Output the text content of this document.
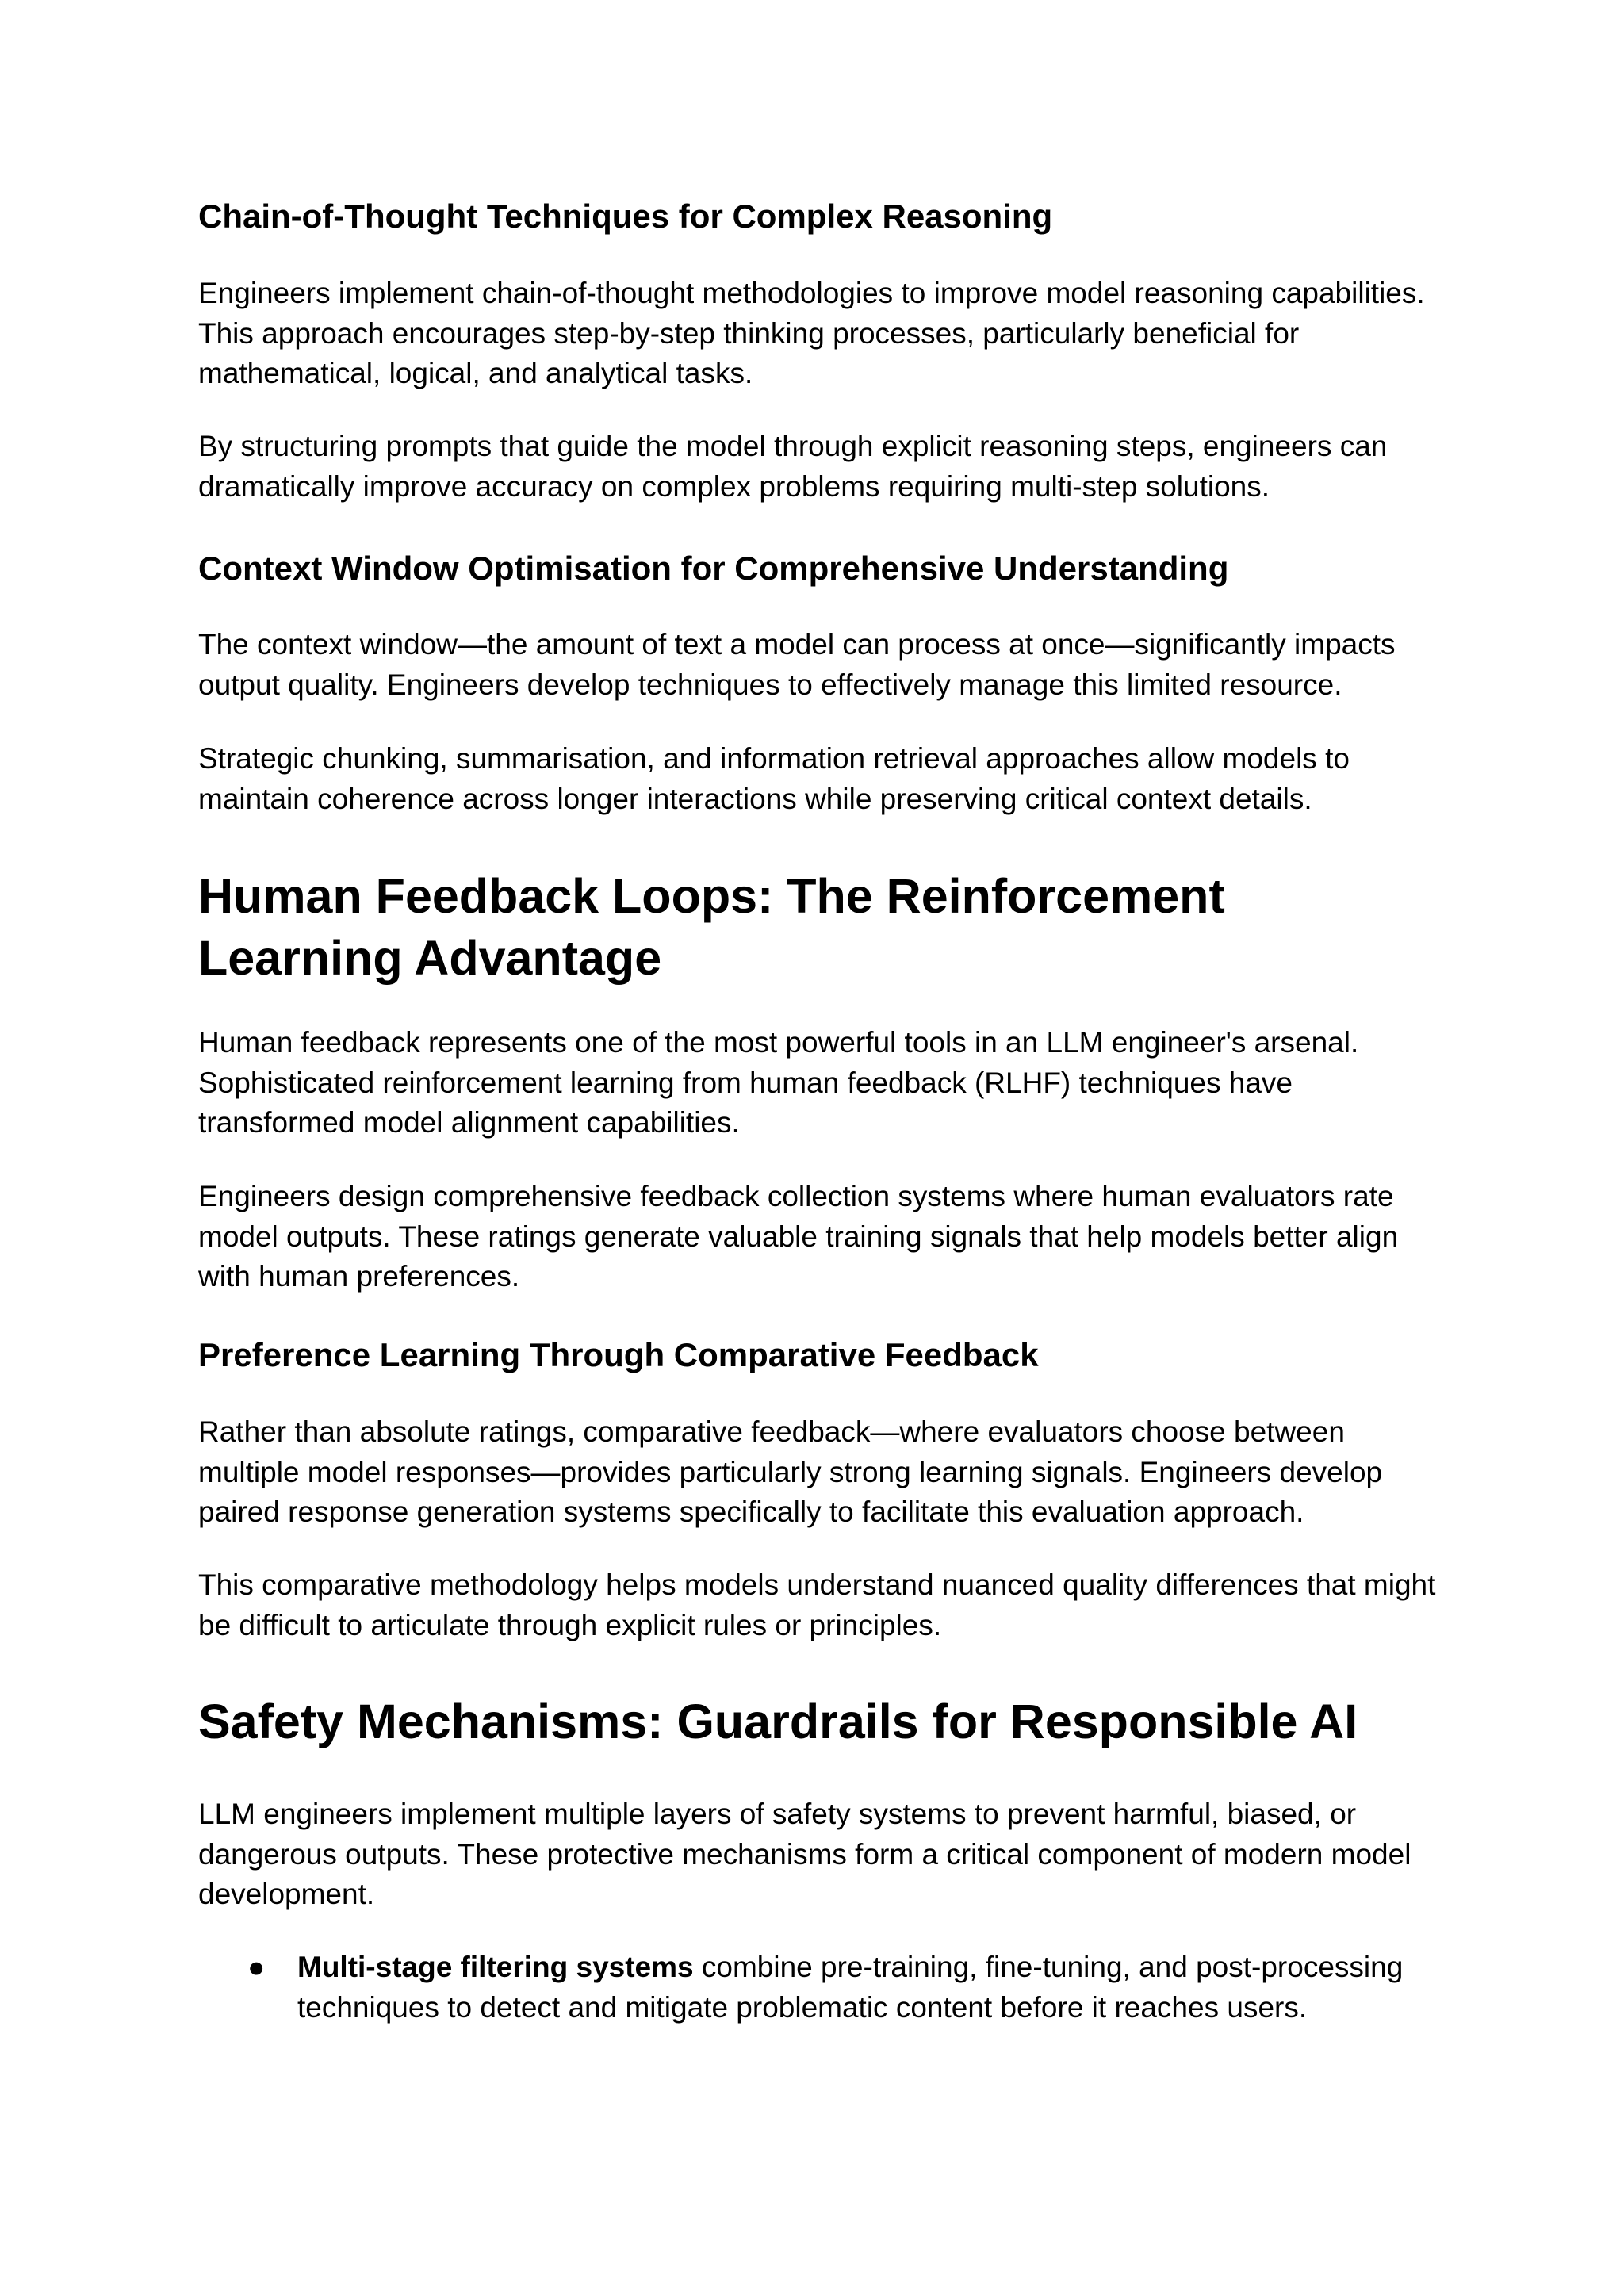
Chain-of-Thought Techniques for Complex Reasoning

Engineers implement chain-of-thought methodologies to improve model reasoning capabilities. This approach encourages step-by-step thinking processes, particularly beneficial for mathematical, logical, and analytical tasks.

By structuring prompts that guide the model through explicit reasoning steps, engineers can dramatically improve accuracy on complex problems requiring multi-step solutions.

Context Window Optimisation for Comprehensive Understanding

The context window—the amount of text a model can process at once—significantly impacts output quality. Engineers develop techniques to effectively manage this limited resource.

Strategic chunking, summarisation, and information retrieval approaches allow models to maintain coherence across longer interactions while preserving critical context details.

Human Feedback Loops: The Reinforcement Learning Advantage

Human feedback represents one of the most powerful tools in an LLM engineer's arsenal. Sophisticated reinforcement learning from human feedback (RLHF) techniques have transformed model alignment capabilities.

Engineers design comprehensive feedback collection systems where human evaluators rate model outputs. These ratings generate valuable training signals that help models better align with human preferences.

Preference Learning Through Comparative Feedback

Rather than absolute ratings, comparative feedback—where evaluators choose between multiple model responses—provides particularly strong learning signals. Engineers develop paired response generation systems specifically to facilitate this evaluation approach.

This comparative methodology helps models understand nuanced quality differences that might be difficult to articulate through explicit rules or principles.

Safety Mechanisms: Guardrails for Responsible AI

LLM engineers implement multiple layers of safety systems to prevent harmful, biased, or dangerous outputs. These protective mechanisms form a critical component of modern model development.

● Multi-stage filtering systems combine pre-training, fine-tuning, and post-processing techniques to detect and mitigate problematic content before it reaches users.
